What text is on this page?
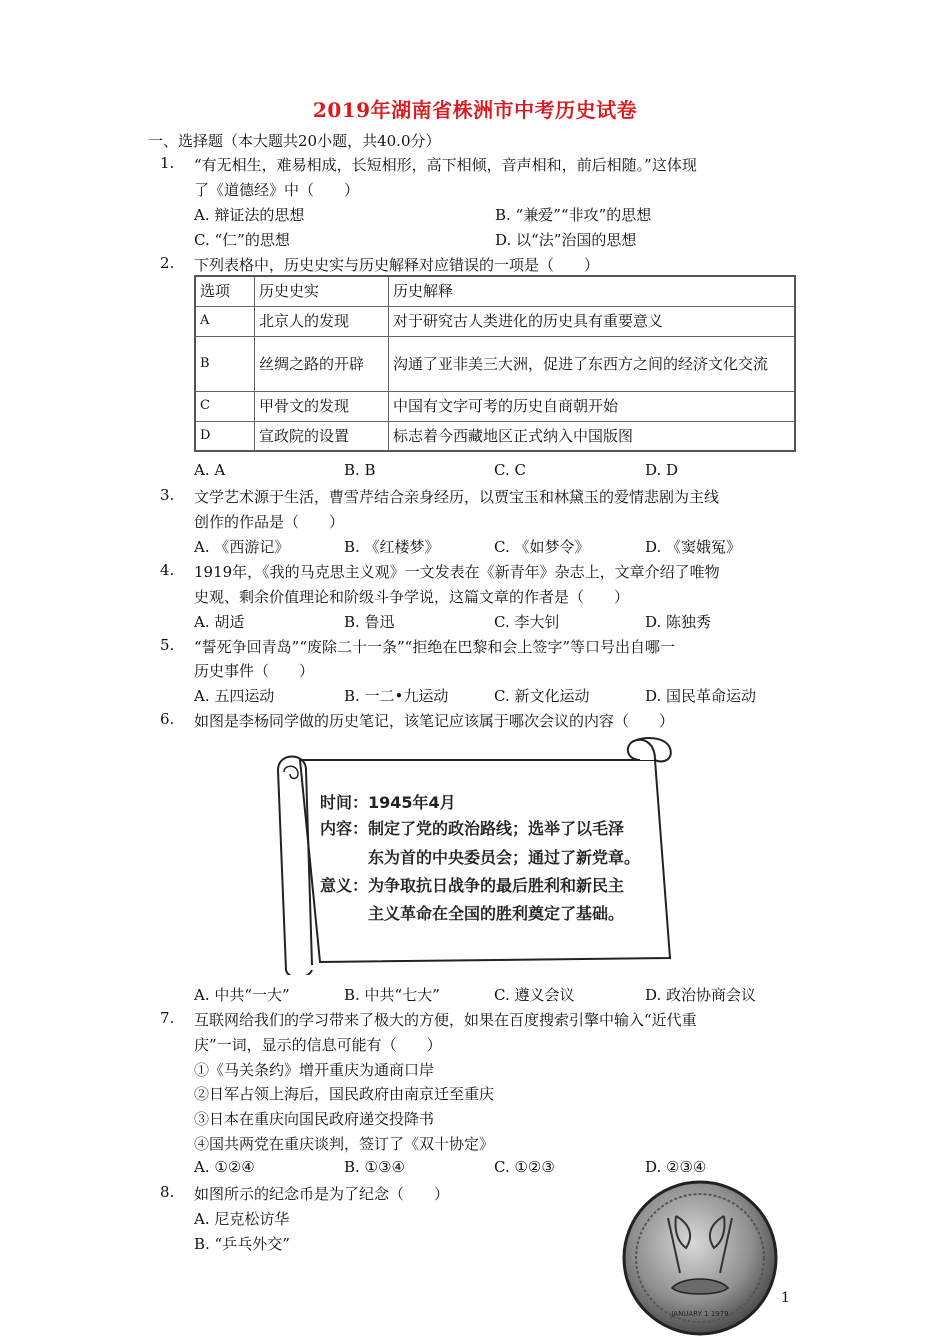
2019年湖南省株洲市中考历史试卷
一、选择题（本大题共20小题，共40.0分）
1. “有无相生，难易相成，长短相形，高下相倾，音声相和，前后相随。”这体现
了《道德经》中（　　）
A. 辩证法的思想	B. “兼爱”“非攻”的思想
C. “仁”的思想	D. 以“法”治国的思想
2. 下列表格中，历史史实与历史解释对应错误的一项是（　　）
选项	历史史实	历史解释
A	北京人的发现	对于研究古人类进化的历史具有重要意义
B	丝绸之路的开辟	沟通了亚非美三大洲，促进了东西方之间的经济文化交流
C	甲骨文的发现	中国有文字可考的历史自商朝开始
D	宣政院的设置	标志着今西藏地区正式纳入中国版图
A. A	B. B	C. C	D. D
3. 文学艺术源于生活，曹雪芹结合亲身经历，以贾宝玉和林黛玉的爱情悲剧为主线
创作的作品是（　　）
A. 《西游记》	B. 《红楼梦》	C. 《如梦令》	D. 《窦娥冤》
4. 1919年，《我的马克思主义观》一文发表在《新青年》杂志上，文章介绍了唯物
史观、剩余价值理论和阶级斗争学说，这篇文章的作者是（　　）
A. 胡适	B. 鲁迅	C. 李大钊	D. 陈独秀
5. “誓死争回青岛”“废除二十一条”“拒绝在巴黎和会上签字”等口号出自哪一
历史事件（　　）
A. 五四运动	B. 一二•九运动	C. 新文化运动	D. 国民革命运动
6. 如图是李杨同学做的历史笔记，该笔记应该属于哪次会议的内容（　　）
时间：1945年4月
内容：制定了党的政治路线；选举了以毛泽
东为首的中央委员会；通过了新党章。
意义：为争取抗日战争的最后胜利和新民主
主义革命在全国的胜利奠定了基础。
A. 中共“一大”	B. 中共“七大”	C. 遵义会议	D. 政治协商会议
7. 互联网给我们的学习带来了极大的方便，如果在百度搜索引擎中输入“近代重
庆”一词，显示的信息可能有（　　）
①《马关条约》增开重庆为通商口岸
②日军占领上海后，国民政府由南京迁至重庆
③日本在重庆向国民政府递交投降书
④国共两党在重庆谈判，签订了《双十协定》
A. ①②④	B. ①③④	C. ①②③	D. ②③④
8. 如图所示的纪念币是为了纪念（　　）
A. 尼克松访华
B. “乒乓外交”
JANUARY 1 1979
1
